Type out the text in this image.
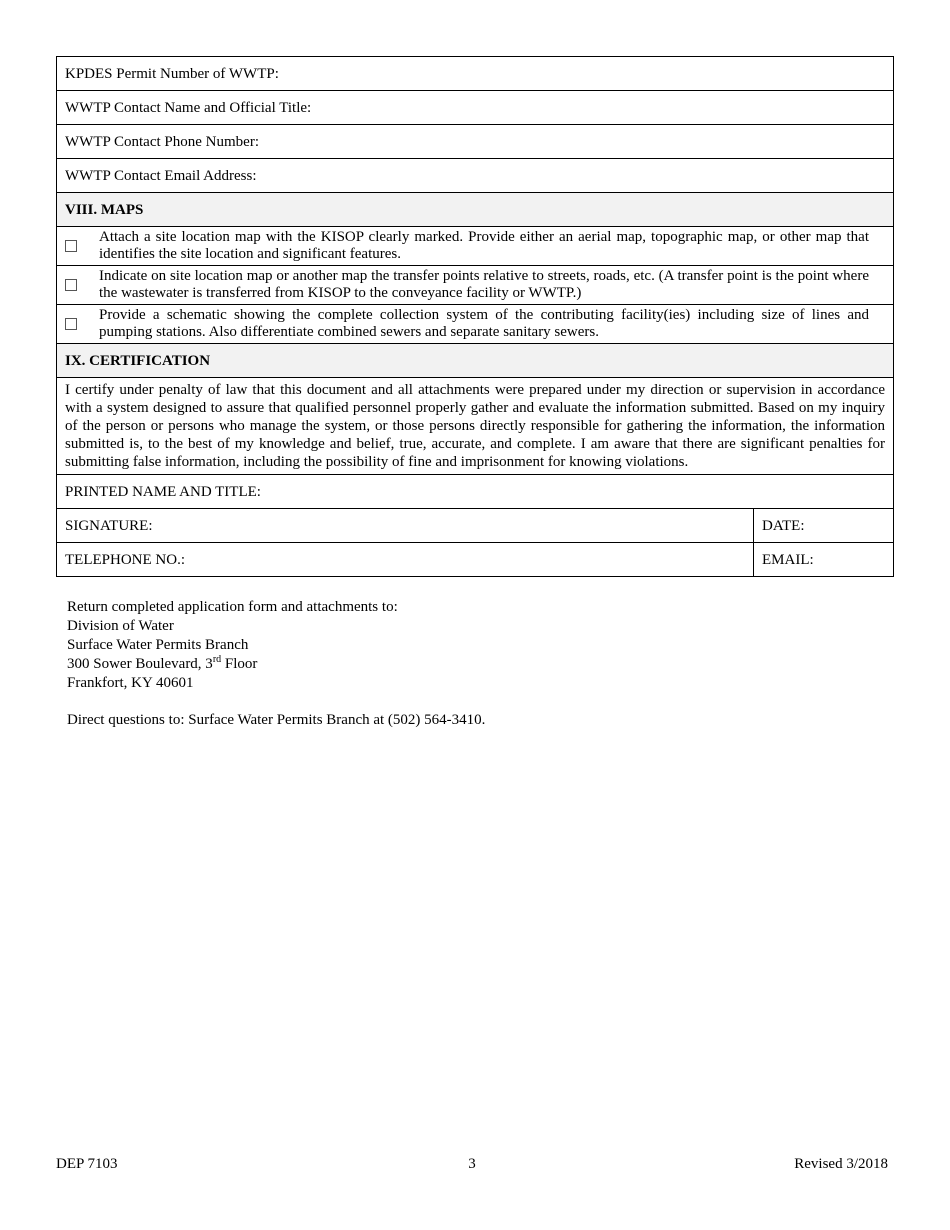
KPDES Permit Number of WWTP:		
WWTP Contact Name and Official Title:		
WWTP Contact Phone Number:		
WWTP Contact Email Address:		
VIII. MAPS		
	Attach a site location map with the KISOP clearly marked. Provide either an aerial map, topographic map, or other map that identifies the site location and significant features.	
	Indicate on site location map or another map the transfer points relative to streets, roads, etc. (A transfer point is the point where the wastewater is transferred from KISOP to the conveyance facility or WWTP.)	
	Provide a schematic showing the complete collection system of the contributing facility(ies) including size of lines and pumping stations. Also differentiate combined sewers and separate sanitary sewers.	
IX. CERTIFICATION		
I certify under penalty of law that this document and all attachments were prepared under my direction or supervision in accordance with a system designed to assure that qualified personnel properly gather and evaluate the information submitted. Based on my inquiry of the person or persons who manage the system, or those persons directly responsible for gathering the information, the information submitted is, to the best of my knowledge and belief, true, accurate, and complete. I am aware that there are significant penalties for submitting false information, including the possibility of fine and imprisonment for knowing violations.		
PRINTED NAME AND TITLE:		
SIGNATURE:		DATE:
TELEPHONE NO.:		EMAIL:
Return completed application form and attachments to:
Division of Water
Surface Water Permits Branch
300 Sower Boulevard, 3rd Floor
Frankfort, KY 40601
Direct questions to: Surface Water Permits Branch at (502) 564-3410.
3
DEP 7103	Revised 3/2018
